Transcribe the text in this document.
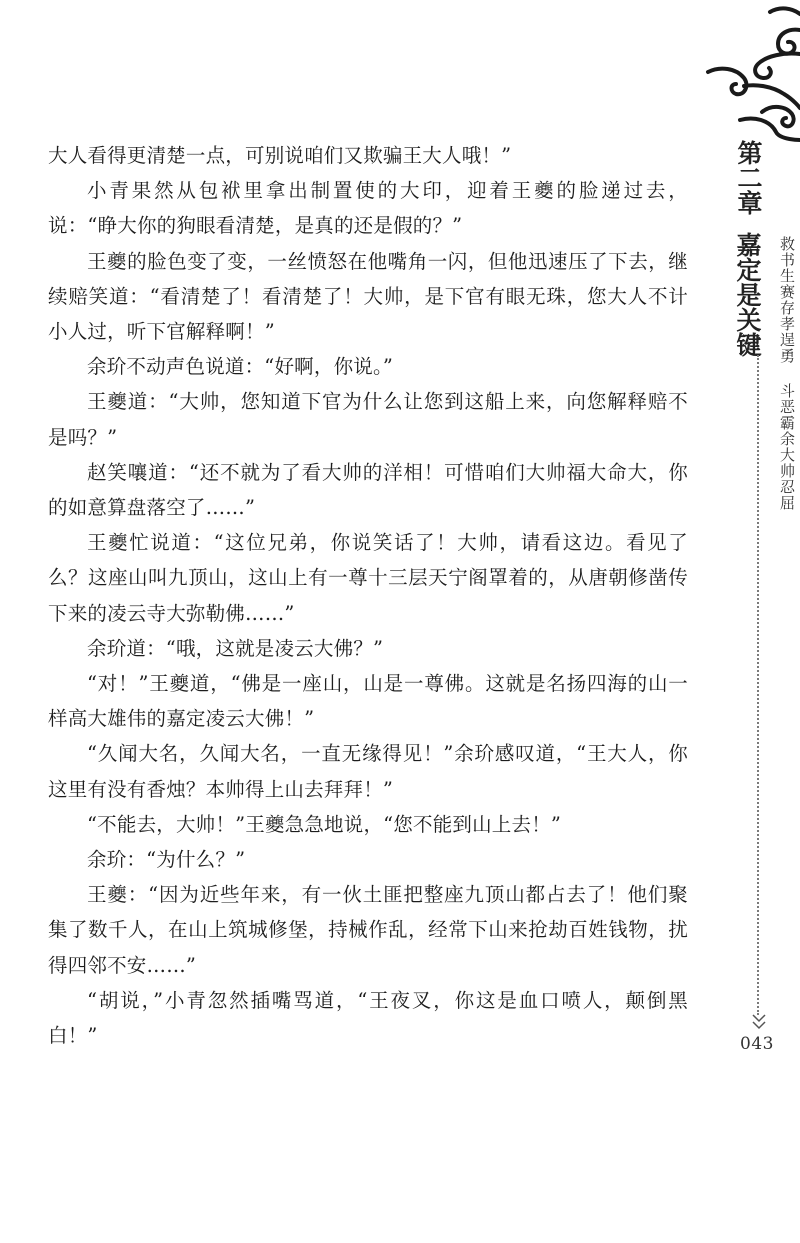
大人看得更清楚一点，可别说咱们又欺骗王大人哦！”

小青果然从包袱里拿出制置使的大印，迎着王夔的脸递过去，说：“睁大你的狗眼看清楚，是真的还是假的？”

王夔的脸色变了变，一丝愤怒在他嘴角一闪，但他迅速压了下去，继续赔笑道：“看清楚了！看清楚了！大帅，是下官有眼无珠，您大人不计小人过，听下官解释啊！”

余玠不动声色说道：“好啊，你说。”

王夔道：“大帅，您知道下官为什么让您到这船上来，向您解释赔不是吗？”

赵笑嚷道：“还不就为了看大帅的洋相！可惜咱们大帅福大命大，你的如意算盘落空了……”

王夔忙说道：“这位兄弟，你说笑话了！大帅，请看这边。看见了么？这座山叫九顶山，这山上有一尊十三层天宁阁罩着的，从唐朝修凿传下来的凌云寺大弥勒佛……”

余玠道：“哦，这就是凌云大佛？”

“对！”王夔道，“佛是一座山，山是一尊佛。这就是名扬四海的山一样高大雄伟的嘉定凌云大佛！”

“久闻大名，久闻大名，一直无缘得见！”余玠感叹道，“王大人，你这里有没有香烛？本帅得上山去拜拜！”

“不能去，大帅！”王夔急急地说，“您不能到山上去！”

余玠：“为什么？”

王夔：“因为近些年来，有一伙土匪把整座九顶山都占去了！他们聚集了数千人，在山上筑城修堡，持械作乱，经常下山来抢劫百姓钱物，扰得四邻不安……”

“胡说，”小青忽然插嘴骂道，“王夜叉，你这是血口喷人，颠倒黑白！”

第二章
嘉定是关键	救书生赛存孝逞勇 斗恶霸余大帅忍屈
043
